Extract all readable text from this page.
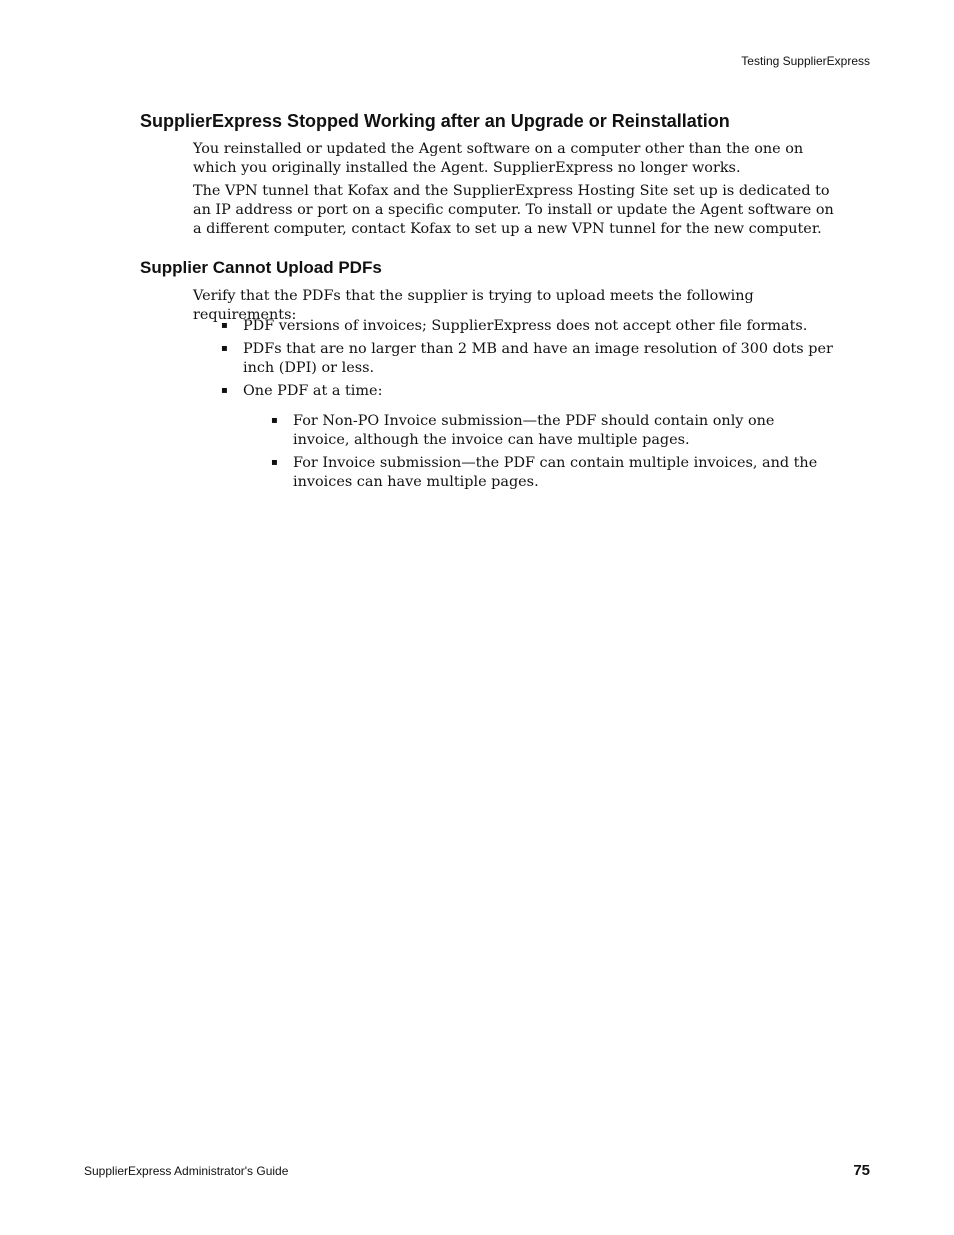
Testing SupplierExpress
SupplierExpress Stopped Working after an Upgrade or Reinstallation

You reinstalled or updated the Agent software on a computer other than the one on which you originally installed the Agent. SupplierExpress no longer works.

The VPN tunnel that Kofax and the SupplierExpress Hosting Site set up is dedicated to an IP address or port on a specific computer. To install or update the Agent software on a different computer, contact Kofax to set up a new VPN tunnel for the new computer.

Supplier Cannot Upload PDFs

Verify that the PDFs that the supplier is trying to upload meets the following requirements:

▪ PDF versions of invoices; SupplierExpress does not accept other file formats.
▪ PDFs that are no larger than 2 MB and have an image resolution of 300 dots per inch (DPI) or less.
▪ One PDF at a time:
▪ For Non-PO Invoice submission—the PDF should contain only one invoice, although the invoice can have multiple pages.
▪ For Invoice submission—the PDF can contain multiple invoices, and the invoices can have multiple pages.
SupplierExpress Administrator's Guide	75
